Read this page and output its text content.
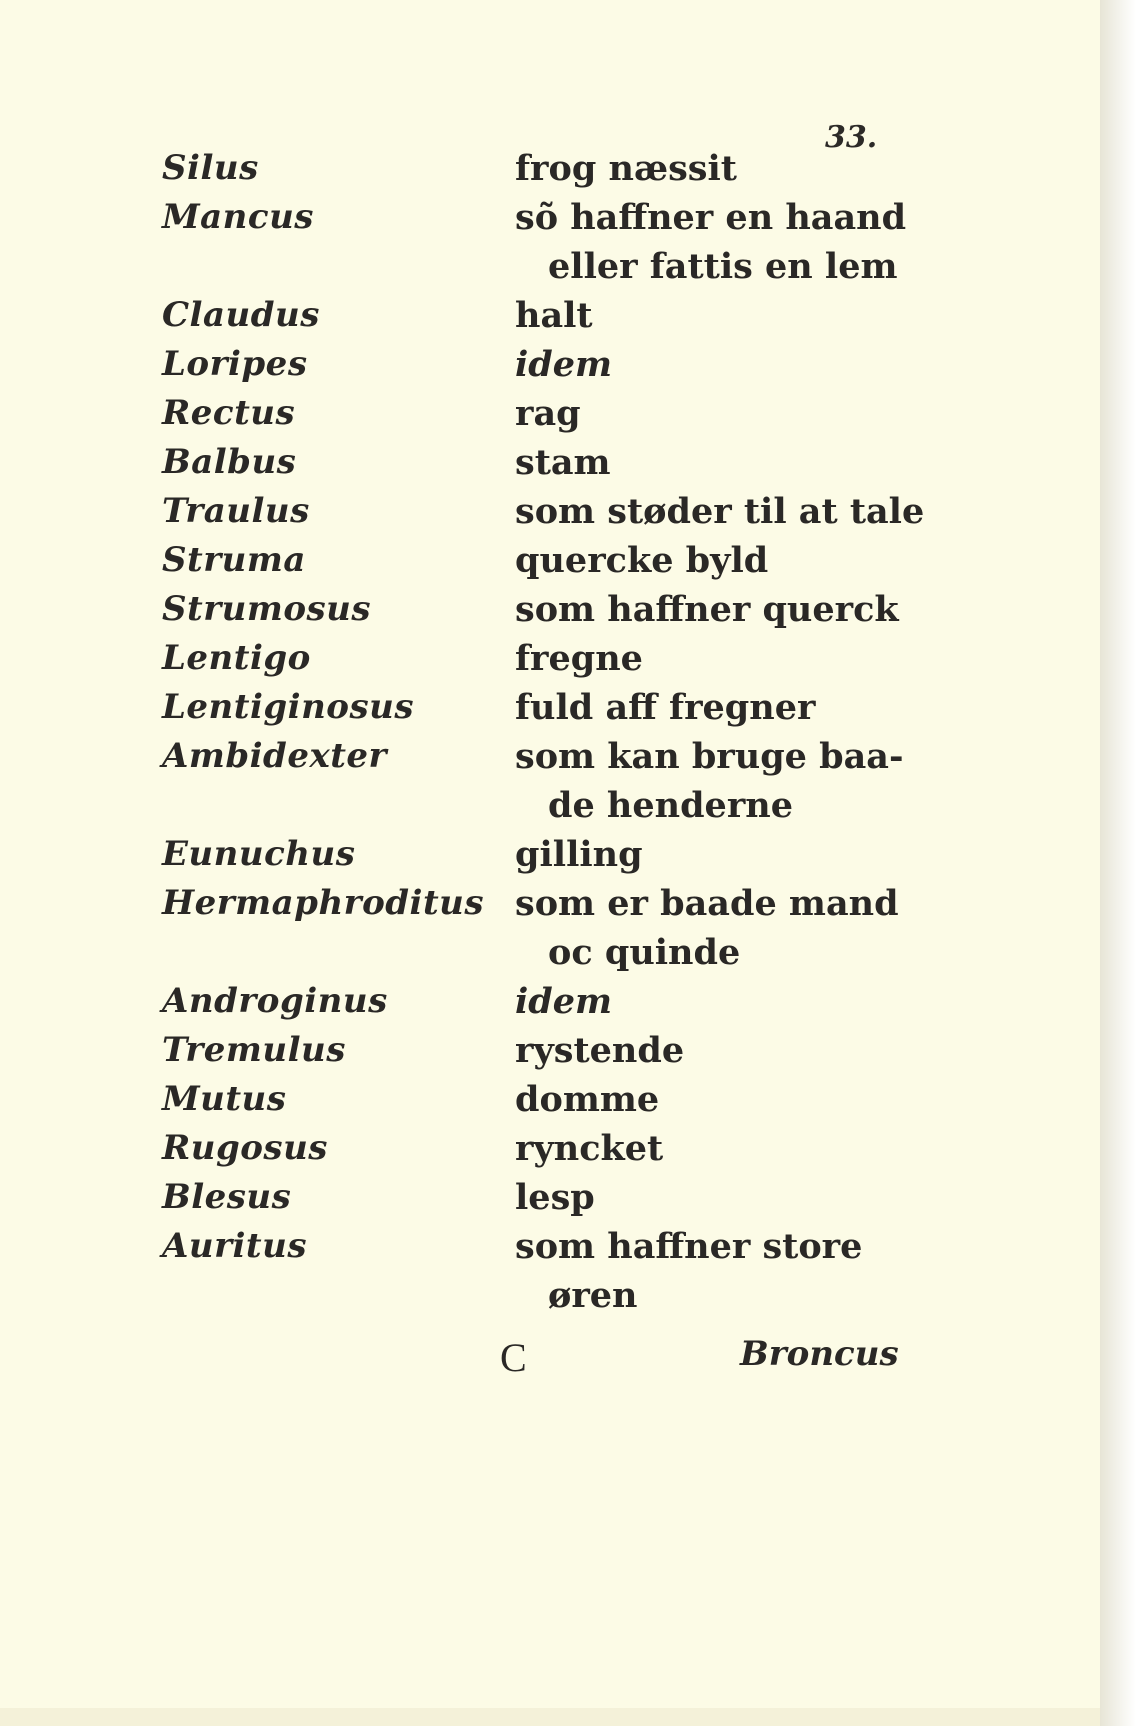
33.
Silus	frog næssit
Mancus	sõ haffner en haand
eller fattis en lem
Claudus	halt
Loripes	idem
Rectus	rag
Balbus	stam
Traulus	som støder til at tale
Struma	quercke byld
Strumosus	som haffner querck
Lentigo	fregne
Lentiginosus	fuld aff fregner
Ambidexter	som kan bruge baa-
de henderne
Eunuchus	gilling
Hermaphroditus som er baade mand
oc quinde
Androginus	idem
Tremulus	rystende
Mutus	domme
Rugosus	ryncket
Blesus	lesp
Auritus	som haffner store
øren
C	Broncus
